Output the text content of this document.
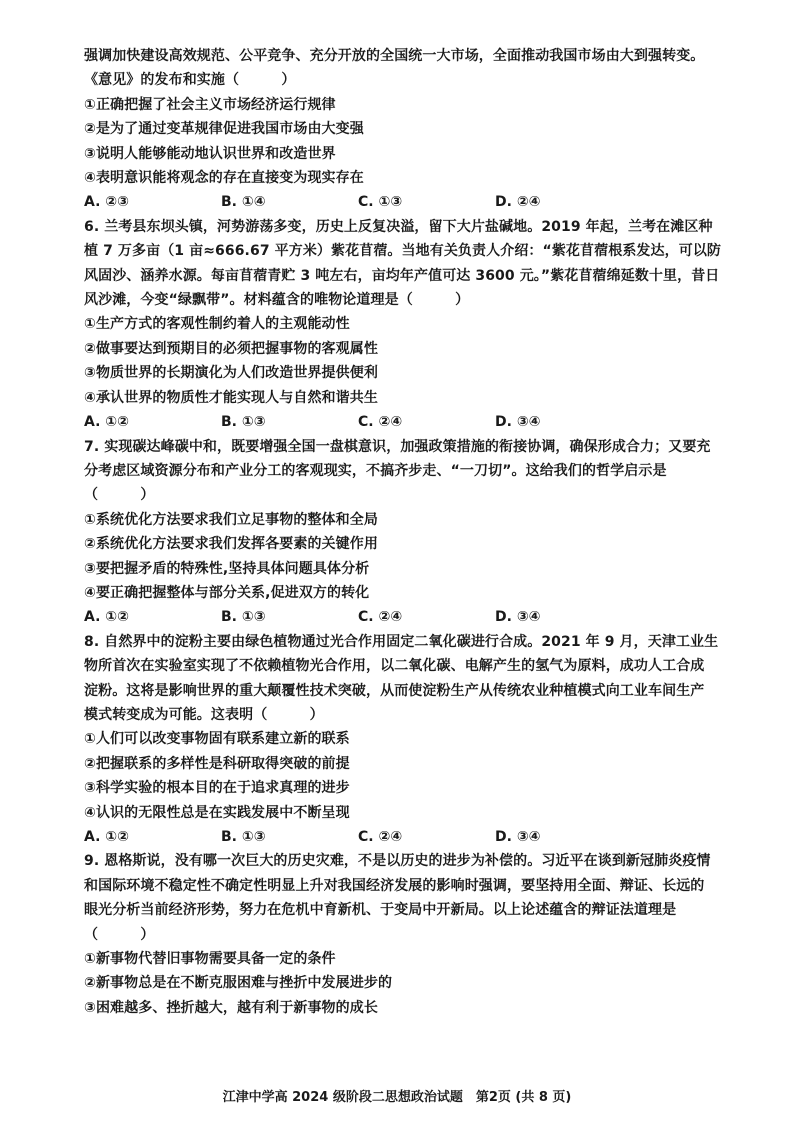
强调加快建设高效规范、公平竞争、充分开放的全国统一大市场，全面推动我国市场由大到强转变。
《意见》的发布和实施（　　　）
①正确把握了社会主义市场经济运行规律
②是为了通过变革规律促进我国市场由大变强
③说明人能够能动地认识世界和改造世界
④表明意识能将观念的存在直接变为现实存在
A. ②③	B. ①④	C. ①③	D. ②④
6. 兰考县东坝头镇，河势游荡多变，历史上反复决溢，留下大片盐碱地。2019 年起，兰考在滩区种
植 7 万多亩（1 亩≈666.67 平方米）紫花苜蓿。当地有关负责人介绍：“紫花苜蓿根系发达，可以防
风固沙、涵养水源。每亩苜蓿青贮 3 吨左右，亩均年产值可达 3600 元。”紫花苜蓿绵延数十里，昔日
风沙滩，今变“绿飘带”。材料蕴含的唯物论道理是（　　　）
①生产方式的客观性制约着人的主观能动性
②做事要达到预期目的必须把握事物的客观属性
③物质世界的长期演化为人们改造世界提供便利
④承认世界的物质性才能实现人与自然和谐共生
A. ①②	B. ①③	C. ②④	D. ③④
7. 实现碳达峰碳中和，既要增强全国一盘棋意识，加强政策措施的衔接协调，确保形成合力；又要充
分考虑区域资源分布和产业分工的客观现实，不搞齐步走、“一刀切”。这给我们的哲学启示是
（　　　）
①系统优化方法要求我们立足事物的整体和全局
②系统优化方法要求我们发挥各要素的关键作用
③要把握矛盾的特殊性,坚持具体问题具体分析
④要正确把握整体与部分关系,促进双方的转化
A. ①②	B. ①③	C. ②④	D. ③④
8. 自然界中的淀粉主要由绿色植物通过光合作用固定二氧化碳进行合成。2021 年 9 月，天津工业生
物所首次在实验室实现了不依赖植物光合作用，以二氧化碳、电解产生的氢气为原料，成功人工合成
淀粉。这将是影响世界的重大颠覆性技术突破，从而使淀粉生产从传统农业种植模式向工业车间生产
模式转变成为可能。这表明（　　　）
①人们可以改变事物固有联系建立新的联系
②把握联系的多样性是科研取得突破的前提
③科学实验的根本目的在于追求真理的进步
④认识的无限性总是在实践发展中不断呈现
A. ①②	B. ①③	C. ②④	D. ③④
9. 恩格斯说，没有哪一次巨大的历史灾难，不是以历史的进步为补偿的。习近平在谈到新冠肺炎疫情
和国际环境不稳定性不确定性明显上升对我国经济发展的影响时强调，要坚持用全面、辩证、长远的
眼光分析当前经济形势，努力在危机中育新机、于变局中开新局。以上论述蕴含的辩证法道理是
（　　　）
①新事物代替旧事物需要具备一定的条件
②新事物总是在不断克服困难与挫折中发展进步的
③困难越多、挫折越大，越有利于新事物的成长
江津中学高 2024 级阶段二思想政治试题　第2页 (共 8 页)
